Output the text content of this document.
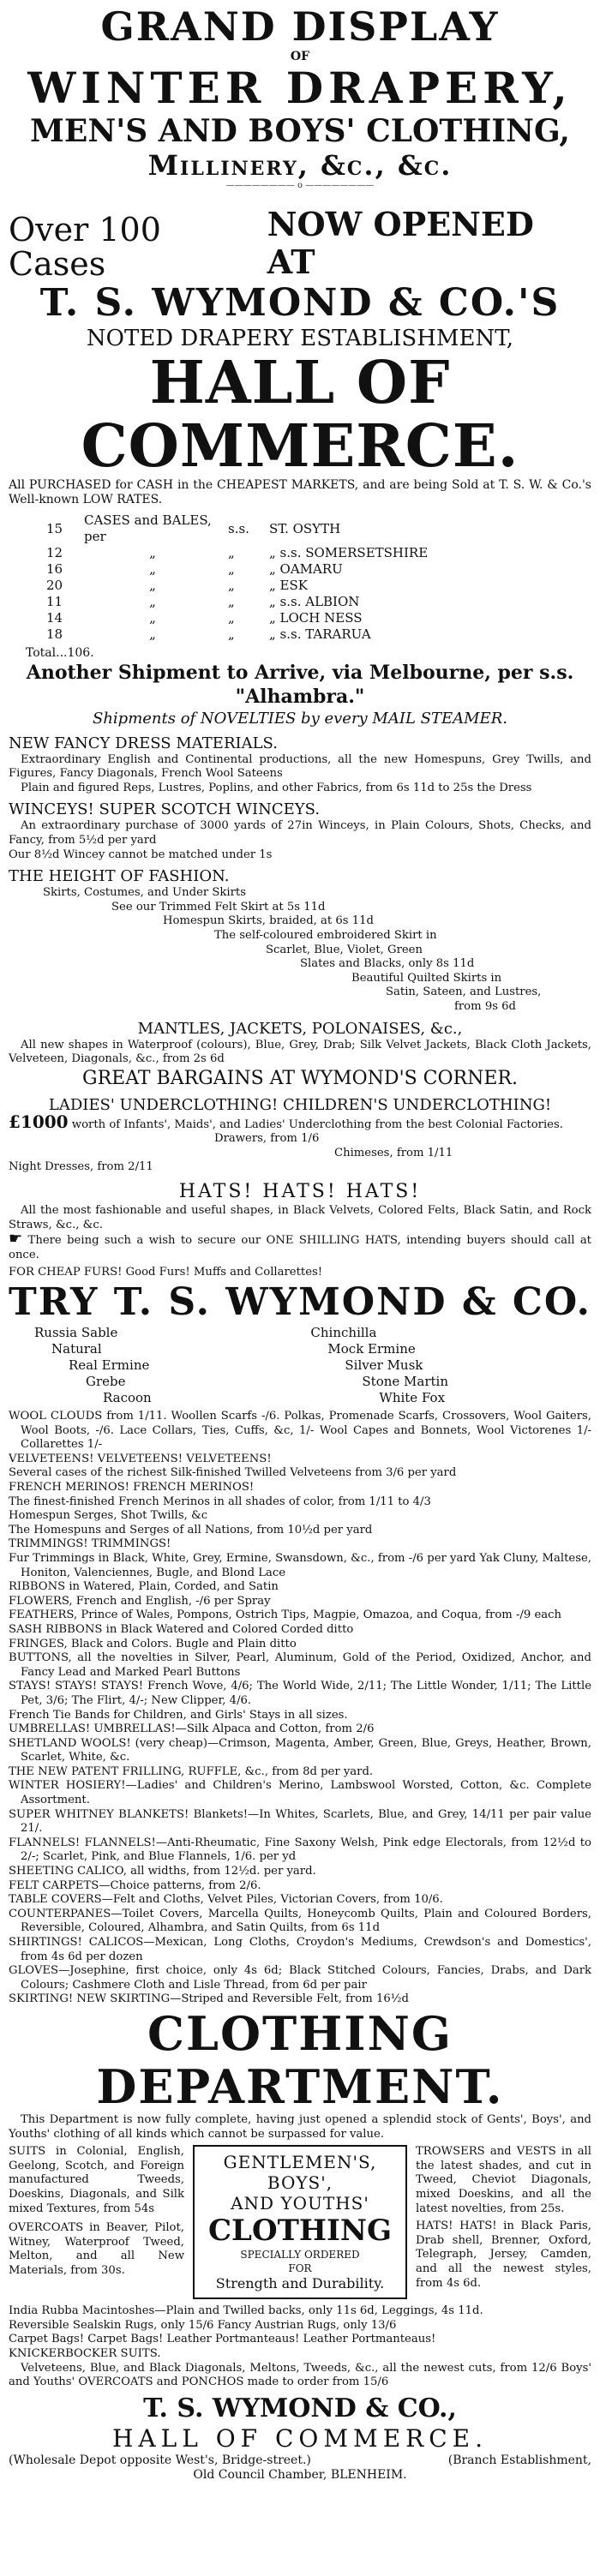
GRAND DISPLAY

OF

WINTER DRAPERY,

MEN'S AND BOYS' CLOTHING,

Millinery, &c., &c.

———————— o ————————

Over 100 Cases
NOW OPENED AT

T. S. WYMOND & CO.'S

NOTED DRAPERY ESTABLISHMENT,

HALL OF COMMERCE.

All PURCHASED for CASH in the CHEAPEST MARKETS, and are being Sold at T. S. W. & Co.'s Well-known LOW RATES.

15	CASES and BALES, per	s.s.	ST. OSYTH
12	„	„	„ s.s. SOMERSETSHIRE
16	„	„	„ OAMARU
20	„	„	„ ESK
11	„	„	„ s.s. ALBION
14	„	„	„ LOCH NESS
18	„	„	„ s.s. TARARUA

Total...106.

Another Shipment to Arrive, via Melbourne, per s.s. "Alhambra."

Shipments of NOVELTIES by every MAIL STEAMER.

NEW FANCY DRESS MATERIALS.

Extraordinary English and Continental productions, all the new Homespuns, Grey Twills, and Figures, Fancy Diagonals, French Wool Sateens

Plain and figured Reps, Lustres, Poplins, and other Fabrics, from 6s 11d to 25s the Dress

WINCEYS! SUPER SCOTCH WINCEYS.

An extraordinary purchase of 3000 yards of 27in Winceys, in Plain Colours, Shots, Checks, and Fancy, from 5½d per yard

Our 8½d Wincey cannot be matched under 1s

THE HEIGHT OF FASHION.

Skirts, Costumes, and Under Skirts

See our Trimmed Felt Skirt at 5s 11d

Homespun Skirts, braided, at 6s 11d

The self-coloured embroidered Skirt in

Scarlet, Blue, Violet, Green

Slates and Blacks, only 8s 11d

Beautiful Quilted Skirts in

Satin, Sateen, and Lustres,

from 9s 6d

MANTLES, JACKETS, POLONAISES, &c.,

All new shapes in Waterproof (colours), Blue, Grey, Drab; Silk Velvet Jackets, Black Cloth Jackets, Velveteen, Diagonals, &c., from 2s 6d

GREAT BARGAINS AT WYMOND'S CORNER.

LADIES' UNDERCLOTHING! CHILDREN'S UNDERCLOTHING!

£1000 worth of Infants', Maids', and Ladies' Underclothing from the best Colonial Factories.

Drawers, from 1/6

Chimeses, from 1/11

Night Dresses, from 2/11

HATS! HATS! HATS!

All the most fashionable and useful shapes, in Black Velvets, Colored Felts, Black Satin, and Rock Straws, &c., &c.

☛ There being such a wish to secure our ONE SHILLING HATS, intending buyers should call at once.

FOR CHEAP FURS! Good Furs! Muffs and Collarettes!

TRY T. S. WYMOND & CO.

Russia Sable

Natural

Real Ermine

Grebe

Racoon

Chinchilla

Mock Ermine

Silver Musk

Stone Martin

White Fox

WOOL CLOUDS from 1/11. Woollen Scarfs -/6. Polkas, Promenade Scarfs, Crossovers, Wool Gaiters, Wool Boots, -/6. Lace Collars, Ties, Cuffs, &c, 1/- Wool Capes and Bonnets, Wool Victorenes 1/- Collarettes 1/-

VELVETEENS! VELVETEENS! VELVETEENS!

Several cases of the richest Silk-finished Twilled Velveteens from 3/6 per yard

FRENCH MERINOS! FRENCH MERINOS!

The finest-finished French Merinos in all shades of color, from 1/11 to 4/3

Homespun Serges, Shot Twills, &c

The Homespuns and Serges of all Nations, from 10½d per yard

TRIMMINGS! TRIMMINGS!

Fur Trimmings in Black, White, Grey, Ermine, Swansdown, &c., from -/6 per yard Yak Cluny, Maltese, Honiton, Valenciennes, Bugle, and Blond Lace

RIBBONS in Watered, Plain, Corded, and Satin

FLOWERS, French and English, -/6 per Spray

FEATHERS, Prince of Wales, Pompons, Ostrich Tips, Magpie, Omazoa, and Coqua, from -/9 each

SASH RIBBONS in Black Watered and Colored Corded ditto

FRINGES, Black and Colors. Bugle and Plain ditto

BUTTONS, all the novelties in Silver, Pearl, Aluminum, Gold of the Period, Oxidized, Anchor, and Fancy Lead and Marked Pearl Buttons

STAYS! STAYS! STAYS! French Wove, 4/6; The World Wide, 2/11; The Little Wonder, 1/11; The Little Pet, 3/6; The Flirt, 4/-; New Clipper, 4/6.

French Tie Bands for Children, and Girls' Stays in all sizes.

UMBRELLAS! UMBRELLAS!—Silk Alpaca and Cotton, from 2/6

SHETLAND WOOLS! (very cheap)—Crimson, Magenta, Amber, Green, Blue, Greys, Heather, Brown, Scarlet, White, &c.

THE NEW PATENT FRILLING, RUFFLE, &c., from 8d per yard.

WINTER HOSIERY!—Ladies' and Children's Merino, Lambswool Worsted, Cotton, &c. Complete Assortment.

SUPER WHITNEY BLANKETS! Blankets!—In Whites, Scarlets, Blue, and Grey, 14/11 per pair value 21/.

FLANNELS! FLANNELS!—Anti-Rheumatic, Fine Saxony Welsh, Pink edge Electorals, from 12½d to 2/-; Scarlet, Pink, and Blue Flannels, 1/6. per yd

SHEETING CALICO, all widths, from 12½d. per yard.

FELT CARPETS—Choice patterns, from 2/6.

TABLE COVERS—Felt and Cloths, Velvet Piles, Victorian Covers, from 10/6.

COUNTERPANES—Toilet Covers, Marcella Quilts, Honeycomb Quilts, Plain and Coloured Borders, Reversible, Coloured, Alhambra, and Satin Quilts, from 6s 11d

SHIRTINGS! CALICOS—Mexican, Long Cloths, Croydon's Mediums, Crewdson's and Domestics', from 4s 6d per dozen

GLOVES—Josephine, first choice, only 4s 6d; Black Stitched Colours, Fancies, Drabs, and Dark Colours; Cashmere Cloth and Lisle Thread, from 6d per pair

SKIRTING! NEW SKIRTING—Striped and Reversible Felt, from 16½d

CLOTHING DEPARTMENT.

This Department is now fully complete, having just opened a splendid stock of Gents', Boys', and Youths' clothing of all kinds which cannot be surpassed for value.

SUITS in Colonial, English, Geelong, Scotch, and Foreign manufactured Tweeds, Doeskins, Diagonals, and Silk mixed Textures, from 54s

OVERCOATS in Beaver, Pilot, Witney, Waterproof Tweed, Melton, and all New Materials, from 30s.

GENTLEMEN'S,

BOYS',

AND YOUTHS'

CLOTHING

SPECIALLY ORDERED

FOR

Strength and Durability.

TROWSERS and VESTS in all the latest shades, and cut in Tweed, Cheviot Diagonals, mixed Doeskins, and all the latest novelties, from 25s.

HATS! HATS! in Black Paris, Drab shell, Brenner, Oxford, Telegraph, Jersey, Camden, and all the newest styles, from 4s 6d.

India Rubba Macintoshes—Plain and Twilled backs, only 11s 6d, Leggings, 4s 11d.

Reversible Sealskin Rugs, only 15/6 Fancy Austrian Rugs, only 13/6

Carpet Bags! Carpet Bags! Leather Portmanteaus! Leather Portmanteaus!

KNICKERBOCKER SUITS.

Velveteens, Blue, and Black Diagonals, Meltons, Tweeds, &c., all the newest cuts, from 12/6 Boys' and Youths' OVERCOATS and PONCHOS made to order from 15/6

T. S. WYMOND & CO.,

HALL OF COMMERCE.

(Wholesale Depot opposite West's, Bridge-street.)	(Branch Establishment,

Old Council Chamber, BLENHEIM.
